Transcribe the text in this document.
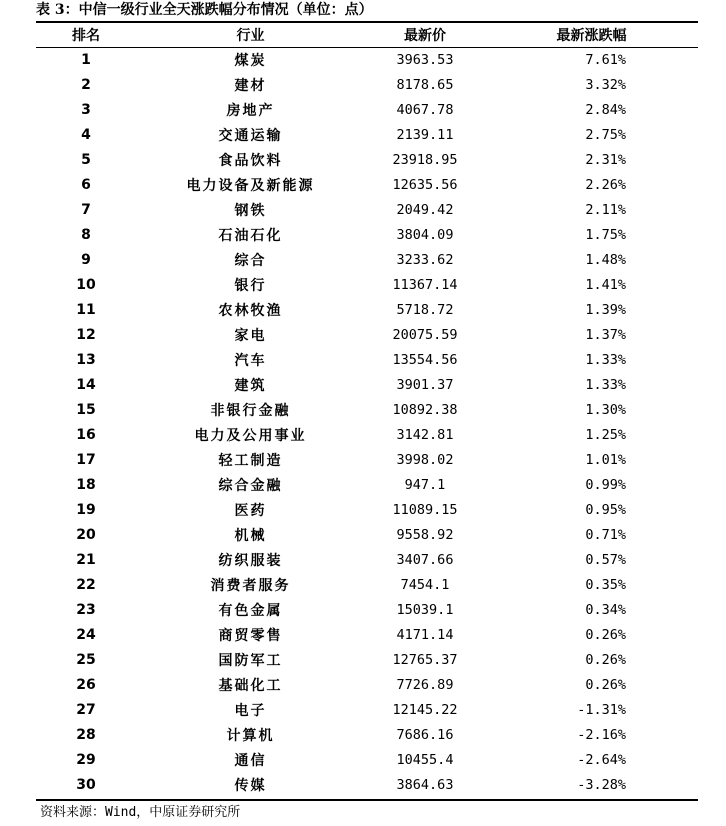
表 3：中信一级行业全天涨跌幅分布情况（单位：点）
排名	行业	最新价	最新涨跌幅
1	煤炭	3963.53	7.61%
2	建材	8178.65	3.32%
3	房地产	4067.78	2.84%
4	交通运输	2139.11	2.75%
5	食品饮料	23918.95	2.31%
6	电力设备及新能源	12635.56	2.26%
7	钢铁	2049.42	2.11%
8	石油石化	3804.09	1.75%
9	综合	3233.62	1.48%
10	银行	11367.14	1.41%
11	农林牧渔	5718.72	1.39%
12	家电	20075.59	1.37%
13	汽车	13554.56	1.33%
14	建筑	3901.37	1.33%
15	非银行金融	10892.38	1.30%
16	电力及公用事业	3142.81	1.25%
17	轻工制造	3998.02	1.01%
18	综合金融	947.1	0.99%
19	医药	11089.15	0.95%
20	机械	9558.92	0.71%
21	纺织服装	3407.66	0.57%
22	消费者服务	7454.1	0.35%
23	有色金属	15039.1	0.34%
24	商贸零售	4171.14	0.26%
25	国防军工	12765.37	0.26%
26	基础化工	7726.89	0.26%
27	电子	12145.22	-1.31%
28	计算机	7686.16	-2.16%
29	通信	10455.4	-2.64%
30	传媒	3864.63	-3.28%
资料来源：Wind，中原证券研究所
